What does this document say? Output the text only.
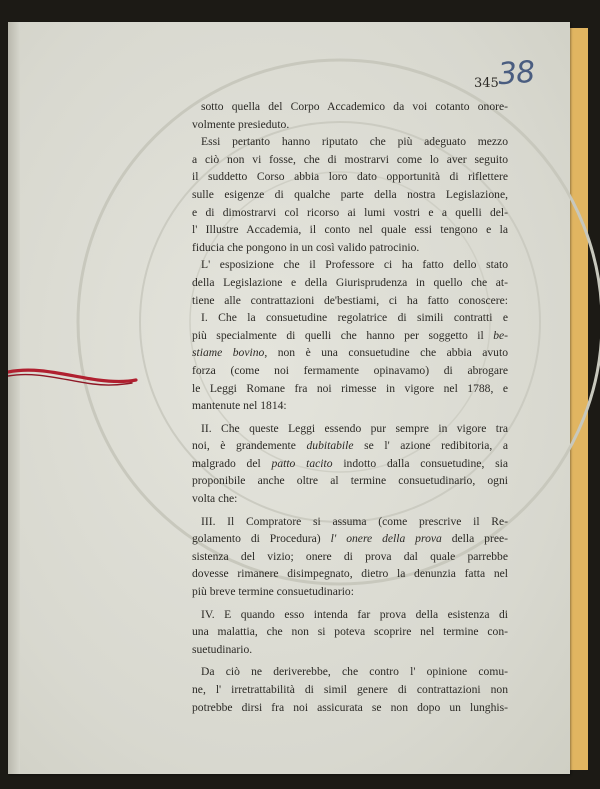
345
38
sotto quella del Corpo Accademico da voi cotanto onore-
volmente presieduto.
Essi pertanto hanno riputato che più adeguato mezzo
a ciò non vi fosse, che di mostrarvi come lo aver seguito
il suddetto Corso abbia loro dato opportunità di riflettere
sulle esigenze di qualche parte della nostra Legislazione,
e di dimostrarvi col ricorso ai lumi vostri e a quelli del-
l' Illustre Accademia, il conto nel quale essi tengono e la
fiducia che pongono in un così valido patrocinio.
L' esposizione che il Professore ci ha fatto dello stato
della Legislazione e della Giurisprudenza in quello che at-
tiene alle contrattazioni de'bestiami, ci ha fatto conoscere:
I. Che la consuetudine regolatrice di simili contratti e
più specialmente di quelli che hanno per soggetto il be-
stiame bovino, non è una consuetudine che abbia avuto
forza (come noi fermamente opinavamo) di abrogare
le Leggi Romane fra noi rimesse in vigore nel 1788, e
mantenute nel 1814:
II. Che queste Leggi essendo pur sempre in vigore tra
noi, è grandemente dubitabile se l' azione redibitoria, a
malgrado del patto tacito indotto dalla consuetudine, sia
proponibile anche oltre al termine consuetudinario, ogni
volta che:
III. Il Compratore si assuma (come prescrive il Re-
golamento di Procedura) l' onere della prova della pree-
sistenza del vizio; onere di prova dal quale parrebbe
dovesse rimanere disimpegnato, dietro la denunzia fatta nel
più breve termine consuetudinario:
IV. E quando esso intenda far prova della esistenza di
una malattia, che non si poteva scoprire nel termine con-
suetudinario.
Da ciò ne deriverebbe, che contro l' opinione comu-
ne, l' irretrattabilità di simil genere di contrattazioni non
potrebbe dirsi fra noi assicurata se non dopo un lunghis-
